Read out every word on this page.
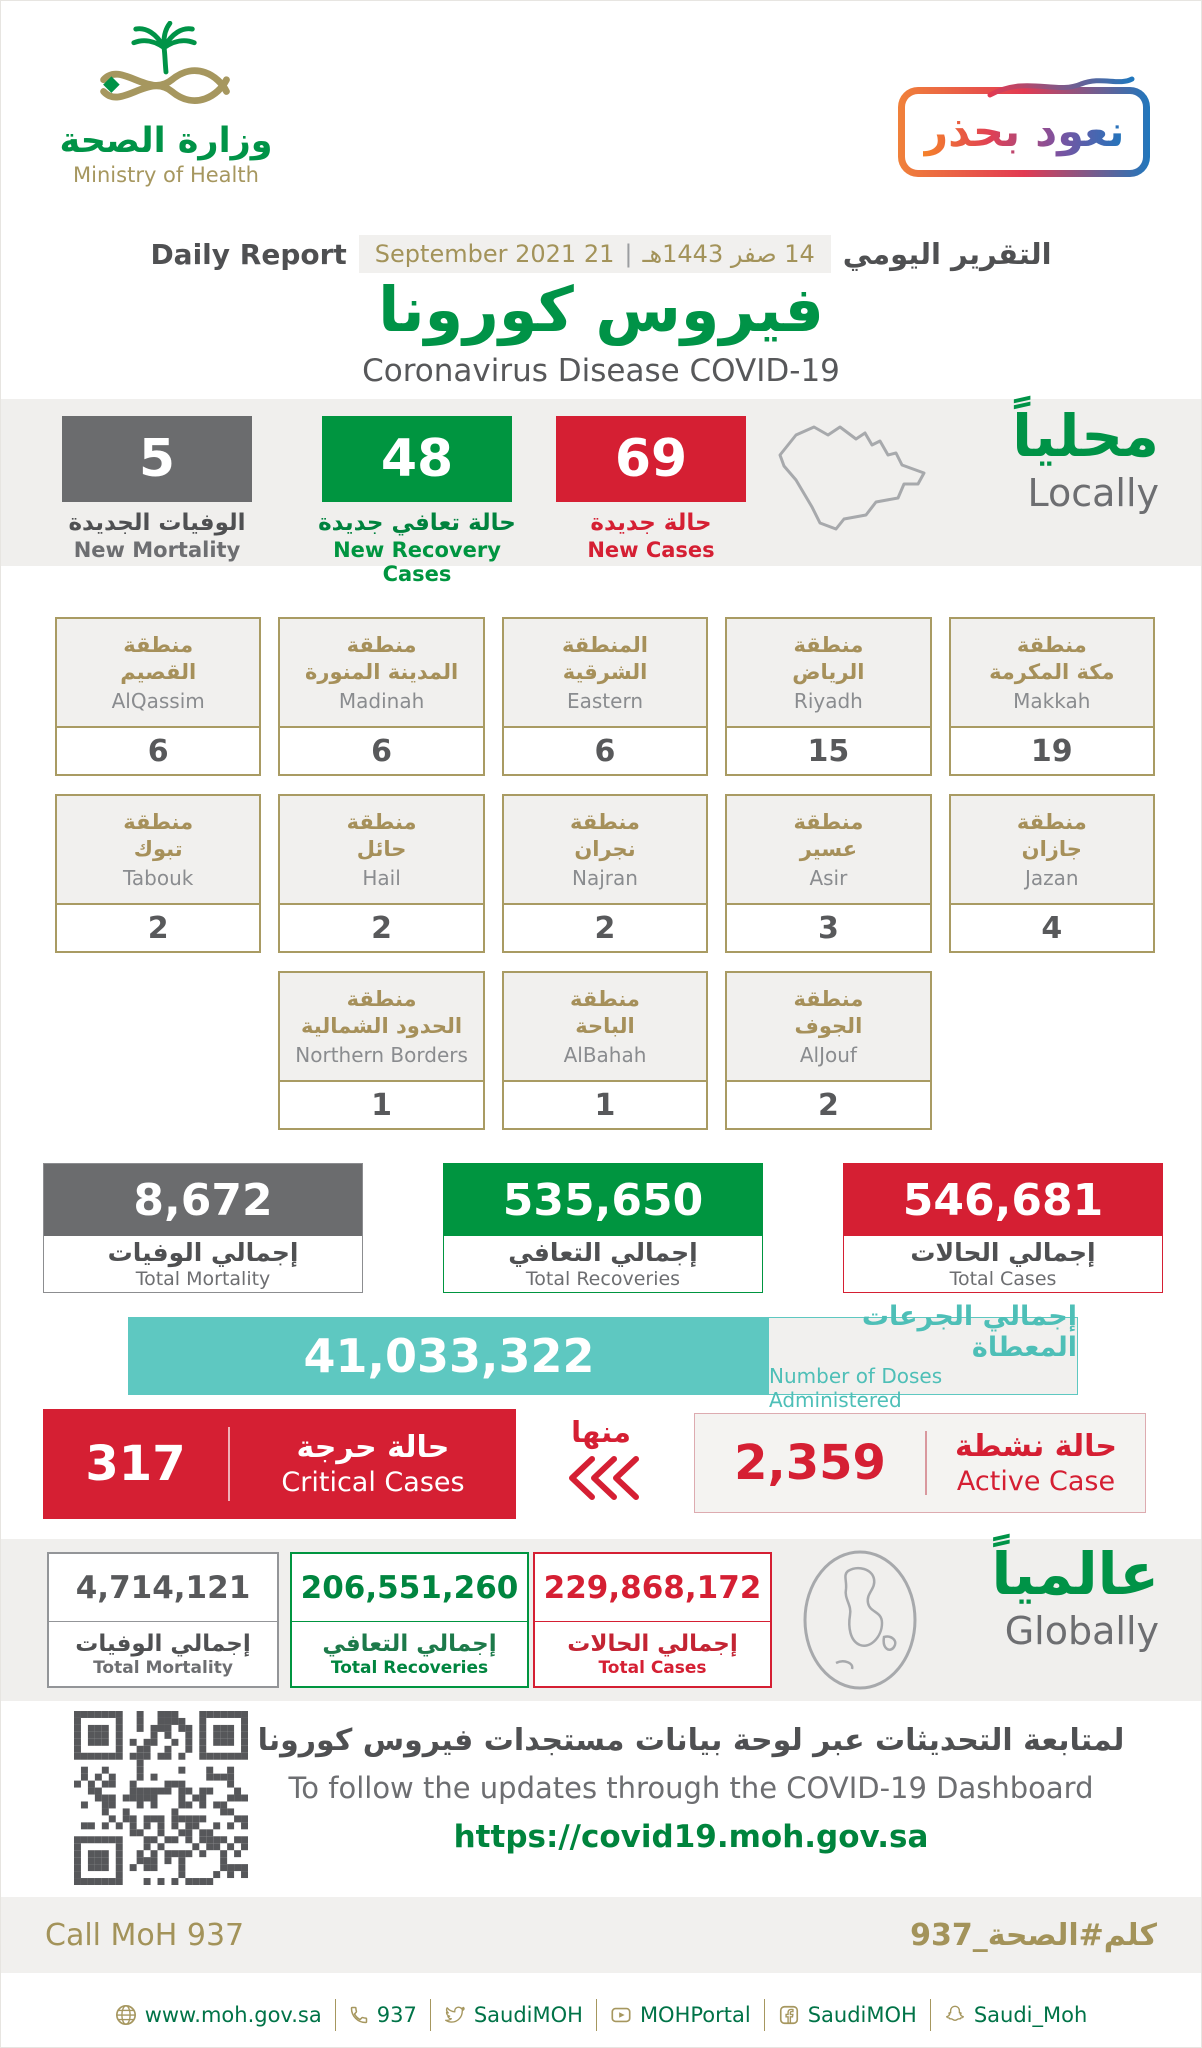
وزارة الصحة
Ministry of Health
نعود بحذر
Daily Report	14 صفر 1443هـ
|
21 September 2021	التقرير اليومي
فيروس كورونا
Coronavirus Disease COVID-19
5
الوفيات الجديدة
New Mortality
48
حالة تعافي جديدة
New Recovery Cases
69
حالة جديدة
New Cases
محلياً
Locally
منطقة
القصيم
AlQassim
6
منطقة
المدينة المنورة
Madinah
6
المنطقة
الشرقية
Eastern
6
منطقة
الرياض
Riyadh
15
منطقة
مكة المكرمة
Makkah
19
منطقة
تبوك
Tabouk
2
منطقة
حائل
Hail
2
منطقة
نجران
Najran
2
منطقة
عسير
Asir
3
منطقة
جازان
Jazan
4
منطقة
الحدود الشمالية
Northern Borders
1
منطقة
الباحة
AlBahah
1
منطقة
الجوف
AlJouf
2
8,672
إجمالي الوفيات
Total Mortality
535,650
إجمالي التعافي
Total Recoveries
546,681
إجمالي الحالات
Total Cases
41,033,322
إجمالي الجرعات المعطاة
Number of Doses Administered
317	حالة حرجة
Critical Cases
منها
2,359	حالة نشطة
Active Case
4,714,121
إجمالي الوفيات
Total Mortality
206,551,260
إجمالي التعافي
Total Recoveries
229,868,172
إجمالي الحالات
Total Cases
عالمياً
Globally
لمتابعة التحديثات عبر لوحة بيانات مستجدات فيروس كورونا
To follow the updates through the COVID-19 Dashboard
https://covid19.moh.gov.sa
Call MoH 937	كلم#الصحة_937
www.moh.gov.sa	937	SaudiMOH	MOHPortal	SaudiMOH	Saudi_Moh
